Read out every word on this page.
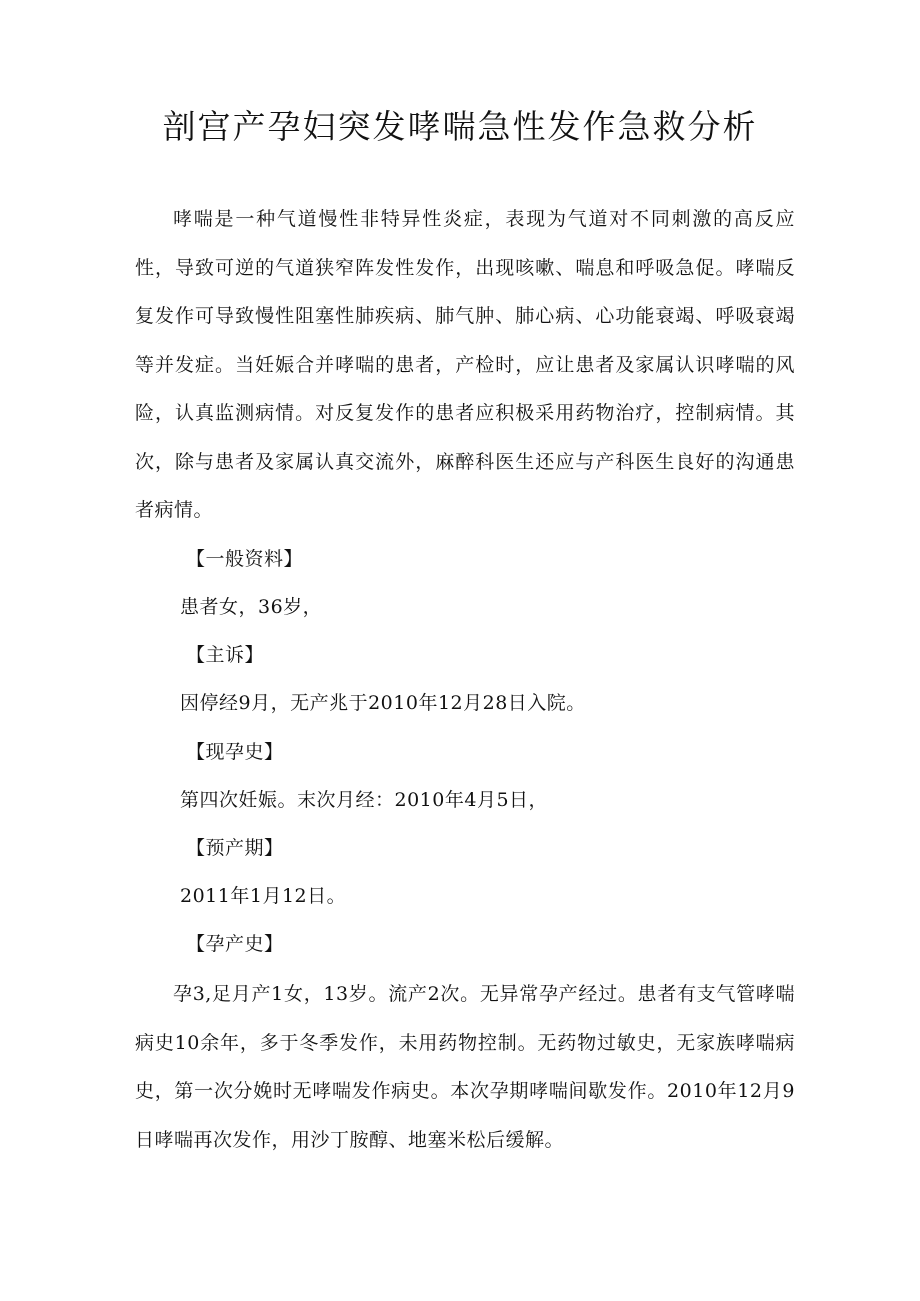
剖宫产孕妇突发哮喘急性发作急救分析

哮喘是一种气道慢性非特异性炎症，表现为气道对不同刺激的高反应性，导致可逆的气道狭窄阵发性发作，出现咳嗽、喘息和呼吸急促。哮喘反复发作可导致慢性阻塞性肺疾病、肺气肿、肺心病、心功能衰竭、呼吸衰竭等并发症。当妊娠合并哮喘的患者，产检时，应让患者及家属认识哮喘的风险，认真监测病情。对反复发作的患者应积极采用药物治疗，控制病情。其次，除与患者及家属认真交流外，麻醉科医生还应与产科医生良好的沟通患者病情。

【一般资料】

患者女，36岁，

【主诉】

因停经9月，无产兆于2010年12月28日入院。

【现孕史】

第四次妊娠。末次月经：2010年4月5日，

【预产期】

2011年1月12日。

【孕产史】

孕3,足月产1女，13岁。流产2次。无异常孕产经过。患者有支气管哮喘病史10余年，多于冬季发作，未用药物控制。无药物过敏史，无家族哮喘病史，第一次分娩时无哮喘发作病史。本次孕期哮喘间歇发作。2010年12月9日哮喘再次发作，用沙丁胺醇、地塞米松后缓解。
